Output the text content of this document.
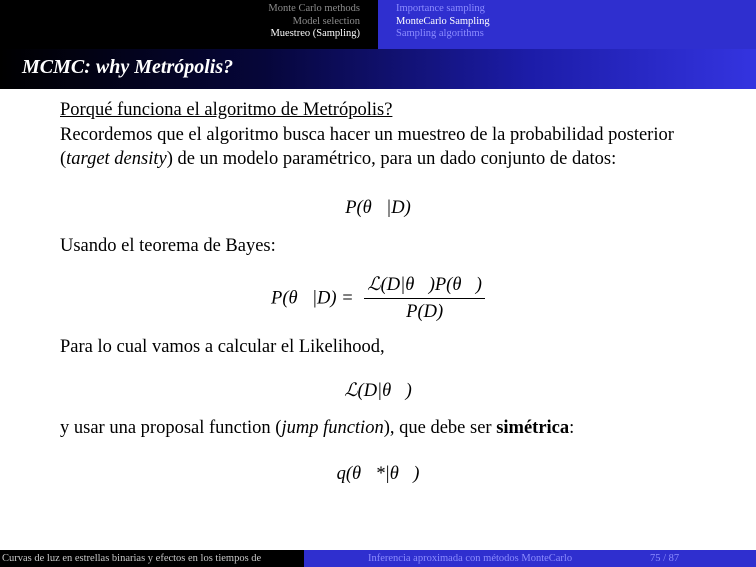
Monte Carlo methods
Model selection
Muestreo (Sampling)
Importance sampling
MonteCarlo Sampling
Sampling algorithms
MCMC: why Metrópolis?
Porqué funciona el algoritmo de Metrópolis?
Recordemos que el algoritmo busca hacer un muestreo de la probabilidad posterior (target density) de un modelo paramétrico, para un dado conjunto de datos:
P(θ⃗|D)
Usando el teorema de Bayes:
P(θ⃗|D) = $\frac{\text{ℒ(D|θ⃗)P(θ⃗)}}{P(D)}$
Para lo cual vamos a calcular el Likelihood,
ℒ(D|θ⃗)
y usar una proposal function (jump function), que debe ser simétrica:
q(θ⃗*|θ⃗)
Curvas de luz en estrellas binarias y efectos en los tiempos de	Inferencia aproximada con métodos MonteCarlo	75 / 87
